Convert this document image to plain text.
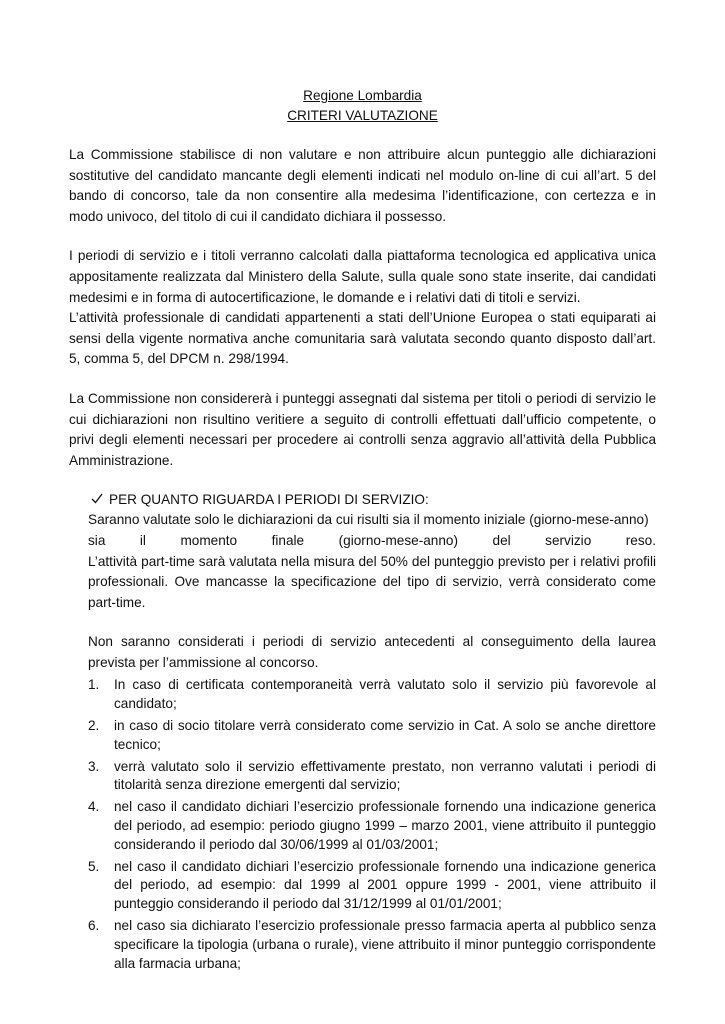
Regione Lombardia

CRITERI VALUTAZIONE

La Commissione stabilisce di non valutare e non attribuire alcun punteggio alle dichiarazioni sostitutive del candidato mancante degli elementi indicati nel modulo on-line di cui all’art. 5 del bando di concorso, tale da non consentire alla medesima l’identificazione, con certezza e in modo univoco, del titolo di cui il candidato dichiara il possesso.

I periodi di servizio e i titoli verranno calcolati dalla piattaforma tecnologica ed applicativa unica appositamente realizzata dal Ministero della Salute, sulla quale sono state inserite, dai candidati medesimi e in forma di autocertificazione, le domande e i relativi dati di titoli e servizi.

L’attività professionale di candidati appartenenti a stati dell’Unione Europea o stati equiparati ai sensi della vigente normativa anche comunitaria sarà valutata secondo quanto disposto dall’art. 5, comma 5, del DPCM n. 298/1994.

La Commissione non considererà i punteggi assegnati dal sistema per titoli o periodi di servizio le cui dichiarazioni non risultino veritiere a seguito di controlli effettuati dall’ufficio competente, o privi degli elementi necessari per procedere ai controlli senza aggravio all’attività della Pubblica Amministrazione.

PER QUANTO RIGUARDA I PERIODI DI SERVIZIO:

Saranno valutate solo le dichiarazioni da cui risulti sia il momento iniziale (giorno-mese-anno)

sia il momento finale (giorno-mese-anno) del servizio reso.

L’attività part-time sarà valutata nella misura del 50% del punteggio previsto per i relativi profili professionali. Ove mancasse la specificazione del tipo di servizio, verrà considerato come part-time.

Non saranno considerati i periodi di servizio antecedenti al conseguimento della laurea prevista per l’ammissione al concorso.

1.	In caso di certificata contemporaneità verrà valutato solo il servizio più favorevole al candidato;
2.	in caso di socio titolare verrà considerato come servizio in Cat. A solo se anche direttore tecnico;
3.	verrà valutato solo il servizio effettivamente prestato, non verranno valutati i periodi di titolarità senza direzione emergenti dal servizio;
4.	nel caso il candidato dichiari l’esercizio professionale fornendo una indicazione generica del periodo, ad esempio: periodo giugno 1999 – marzo 2001, viene attribuito il punteggio considerando il periodo dal 30/06/1999 al 01/03/2001;
5.	nel caso il candidato dichiari l’esercizio professionale fornendo una indicazione generica del periodo, ad esempio: dal 1999 al 2001 oppure 1999 - 2001, viene attribuito il punteggio considerando il periodo dal 31/12/1999 al 01/01/2001;
6.	nel caso sia dichiarato l’esercizio professionale presso farmacia aperta al pubblico senza specificare la tipologia (urbana o rurale), viene attribuito il minor punteggio corrispondente alla farmacia urbana;
